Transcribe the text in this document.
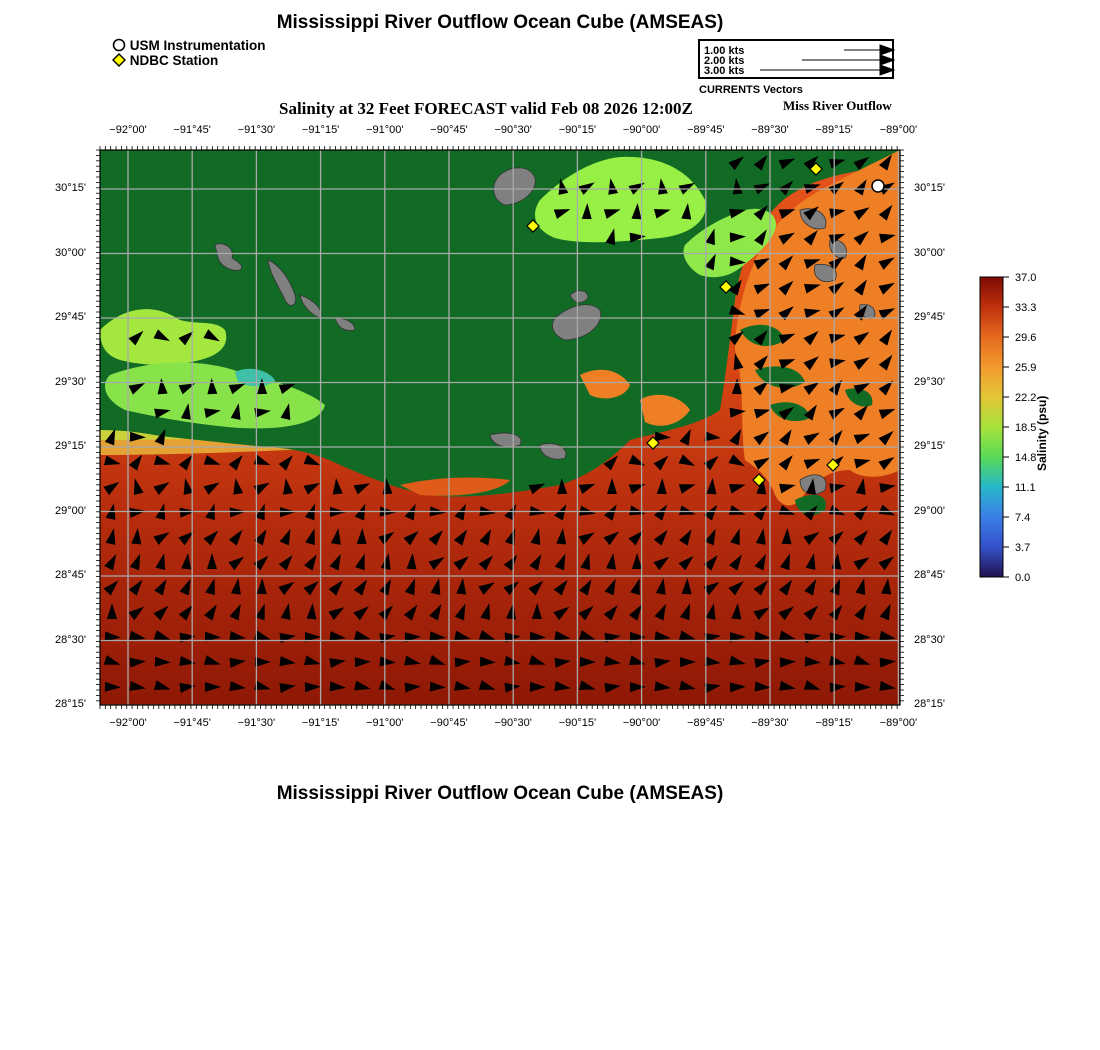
Mississippi River Outflow Ocean Cube (AMSEAS)
USM Instrumentation
NDBC Station
1.00 kts
2.00 kts
3.00 kts
CURRENTS Vectors
Salinity at 32 Feet FORECAST valid Feb 08 2026 12:00Z	Miss River Outflow
−92°00'	−91°45'	−91°30'	−91°15'	−91°00'	−90°45'	−90°30'	−90°15'	−90°00'	−89°45'	−89°30'	−89°15'	−89°00'
−92°00'	−91°45'	−91°30'	−91°15'	−91°00'	−90°45'	−90°30'	−90°15'	−90°00'	−89°45'	−89°30'	−89°15'	−89°00'
30°15'
30°00'
29°45'
29°30'
29°15'
29°00'
28°45'
28°30'
28°15'
30°15'
30°00'
29°45'
29°30'
29°15'
29°00'
28°45'
28°30'
28°15'
37.0
33.3
29.6
25.9
22.2
18.5
14.8
11.1
7.4
3.7
0.0
Salinity (psu)
Mississippi River Outflow Ocean Cube (AMSEAS)
